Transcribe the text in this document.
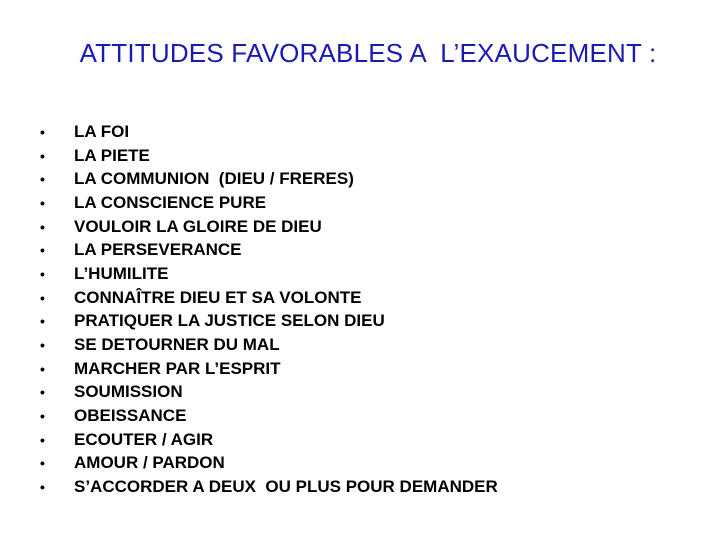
ATTITUDES FAVORABLES A  L’EXAUCEMENT :
•	LA FOI
•	LA PIETE
•	LA COMMUNION  (DIEU / FRERES)
•	LA CONSCIENCE PURE
•	VOULOIR LA GLOIRE DE DIEU
•	LA PERSEVERANCE
•	L’HUMILITE
•	CONNAÎTRE DIEU ET SA VOLONTE
•	PRATIQUER LA JUSTICE SELON DIEU
•	SE DETOURNER DU MAL
•	MARCHER PAR L’ESPRIT
•	SOUMISSION
•	OBEISSANCE
•	ECOUTER / AGIR
•	AMOUR / PARDON
•	S’ACCORDER A DEUX  OU PLUS POUR DEMANDER
